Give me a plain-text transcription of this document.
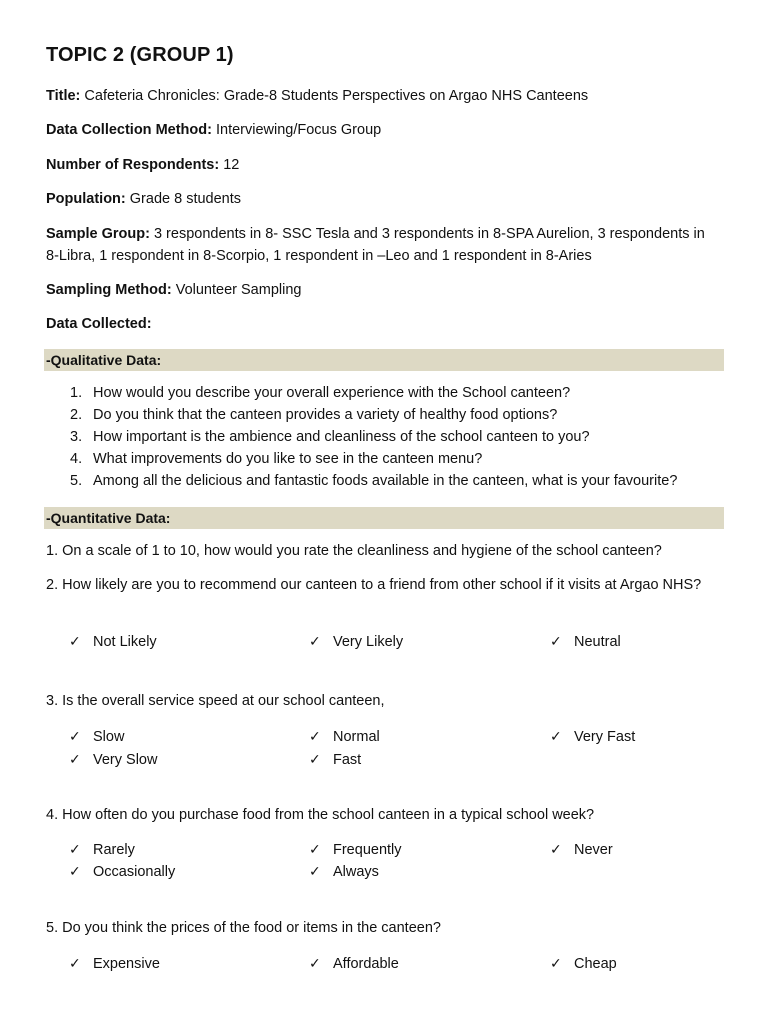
TOPIC 2 (GROUP 1)
Title: Cafeteria Chronicles: Grade-8 Students Perspectives on Argao NHS Canteens
Data Collection Method: Interviewing/Focus Group
Number of Respondents: 12
Population: Grade 8 students
Sample Group: 3 respondents in 8- SSC Tesla and 3 respondents in 8-SPA Aurelion, 3 respondents in 8-Libra, 1 respondent in 8-Scorpio, 1 respondent in –Leo and 1 respondent in 8-Aries
Sampling Method: Volunteer Sampling
Data Collected:
-Qualitative Data:
1. How would you describe your overall experience with the School canteen?
2. Do you think that the canteen provides a variety of healthy food options?
3. How important is the ambience and cleanliness of the school canteen to you?
4. What improvements do you like to see in the canteen menu?
5. Among all the delicious and fantastic foods available in the canteen, what is your favourite?
-Quantitative Data:
1. On a scale of 1 to 10, how would you rate the cleanliness and hygiene of the school canteen?
2. How likely are you to recommend our canteen to a friend from other school if it visits at Argao NHS?
✓ Not Likely	✓ Very Likely	✓ Neutral
3. Is the overall service speed at our school canteen,
✓ Slow	✓ Normal	✓ Very Fast
✓ Very Slow	✓ Fast
4. How often do you purchase food from the school canteen in a typical school week?
✓ Rarely	✓ Frequently	✓ Never
✓ Occasionally	✓ Always
5. Do you think the prices of the food or items in the canteen?
✓ Expensive	✓ Affordable	✓ Cheap
